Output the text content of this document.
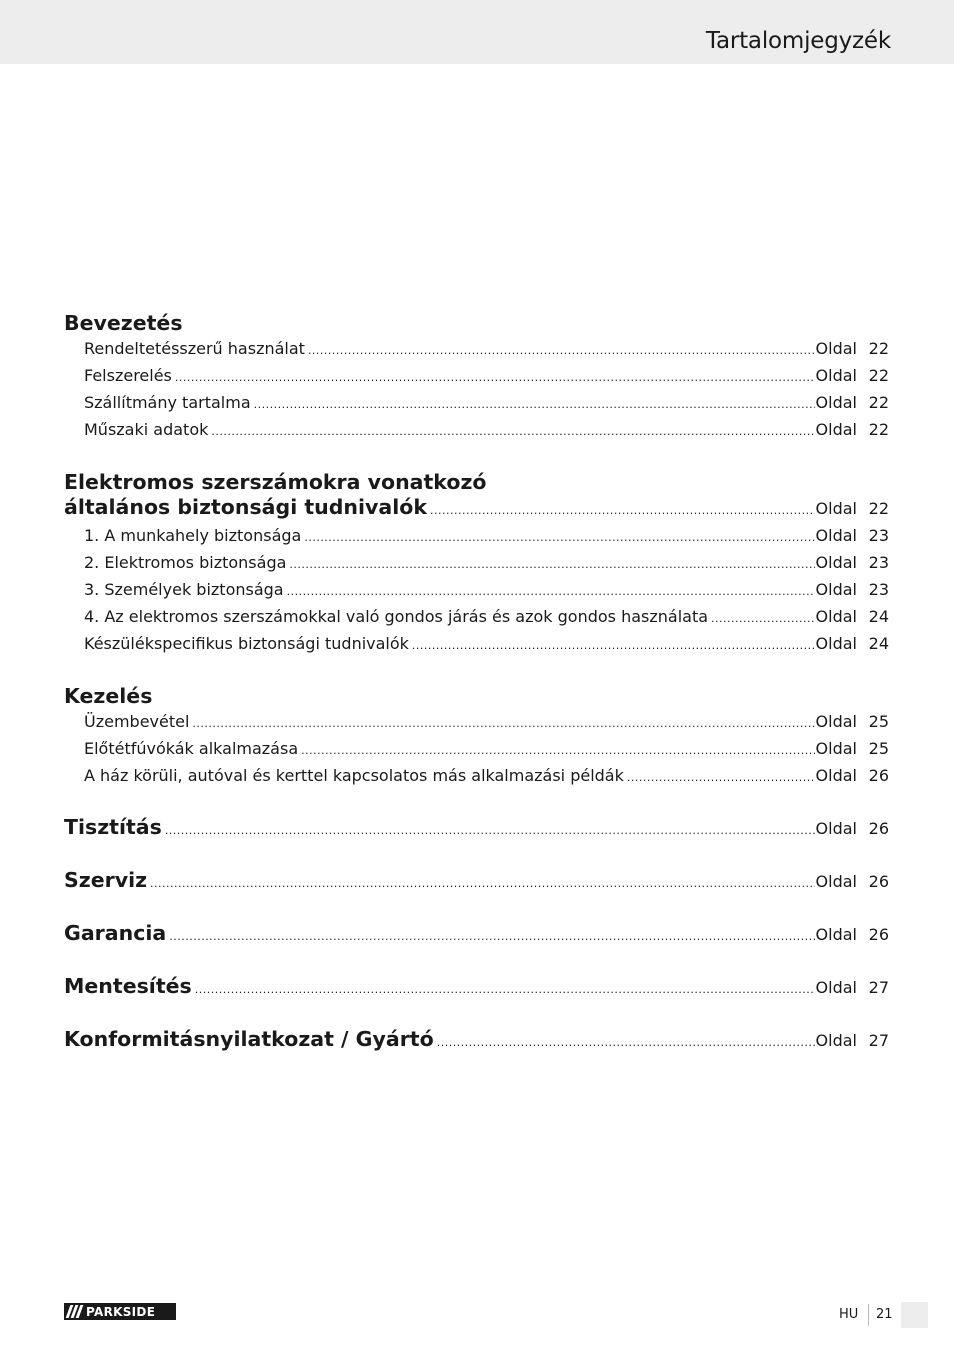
Tartalomjegyzék
Bevezetés
Rendeltetésszerű használat .....	Oldal 22
Felszerelés .....	Oldal 22
Szállítmány tartalma .....	Oldal 22
Műszaki adatok .....	Oldal 22
Elektromos szerszámokra vonatkozó
általános biztonsági tudnivalók .....	Oldal 22
1. A munkahely biztonsága .....	Oldal 23
2. Elektromos biztonsága .....	Oldal 23
3. Személyek biztonsága .....	Oldal 23
4. Az elektromos szerszámokkal való gondos járás és azok gondos használata .....	Oldal 24
Készülékspecifikus biztonsági tudnivalók .....	Oldal 24
Kezelés
Üzembevétel .....	Oldal 25
Előtétfúvókák alkalmazása .....	Oldal 25
A ház körüli, autóval és kerttel kapcsolatos más alkalmazási példák .....	Oldal 26
Tisztítás .....	Oldal 26
Szerviz .....	Oldal 26
Garancia .....	Oldal 26
Mentesítés .....	Oldal 27
Konformitásnyilatkozat / Gyártó .....	Oldal 27
PARKSIDE	HU 21
